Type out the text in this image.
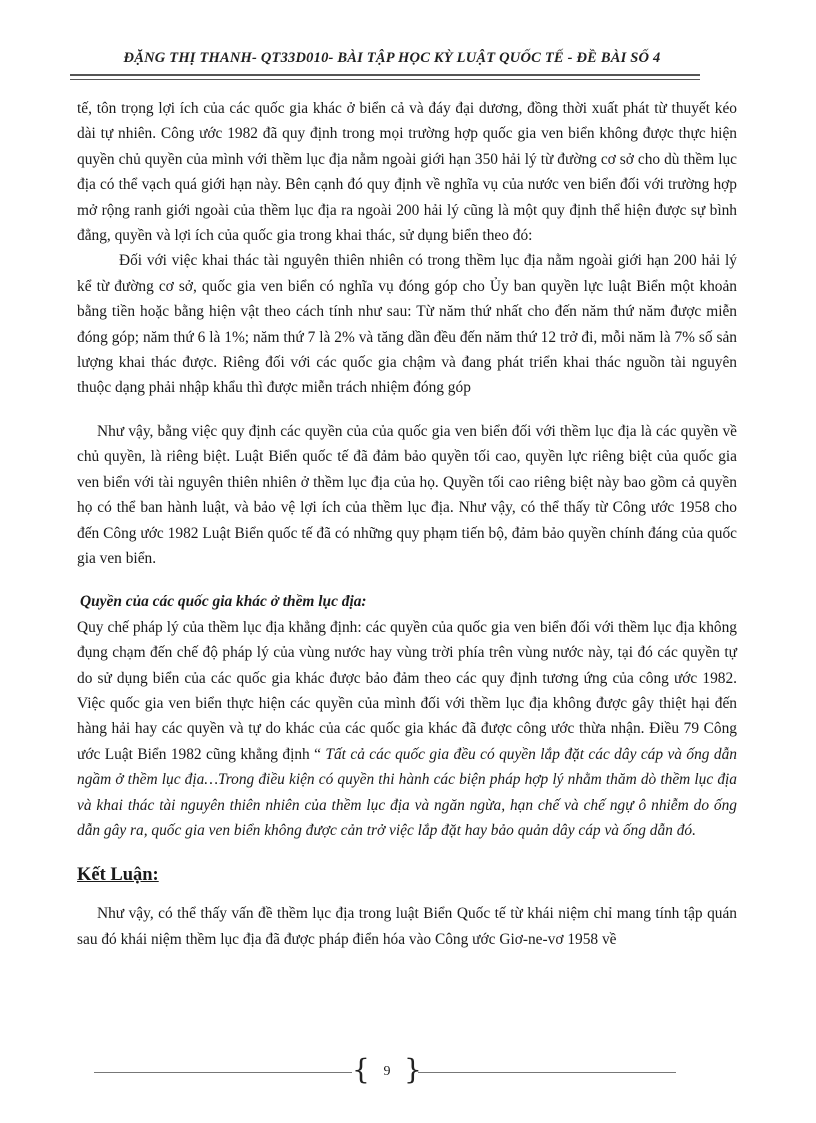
ĐẶNG THỊ THANH- QT33D010- BÀI TẬP HỌC KỲ LUẬT QUỐC TẾ - ĐỀ BÀI SỐ 4

tế, tôn trọng lợi ích của các quốc gia khác ở biển cả và đáy đại dương, đồng thời xuất phát từ thuyết kéo dài tự nhiên. Công ước 1982 đã quy định trong mọi trường hợp quốc gia ven biển không được thực hiện quyền chủ quyền của mình với thềm lục địa nằm ngoài giới hạn 350 hải lý từ đường cơ sở cho dù thềm lục địa có thể vạch quá giới hạn này. Bên cạnh đó quy định về nghĩa vụ của nước ven biển đối với trường hợp mở rộng ranh giới ngoài của thềm lục địa ra ngoài 200 hải lý cũng là một quy định thể hiện được sự bình đẳng, quyền và lợi ích của quốc gia trong khai thác, sử dụng biển theo đó:

Đối với việc khai thác tài nguyên thiên nhiên có trong thềm lục địa nằm ngoài giới hạn 200 hải lý kể từ đường cơ sở, quốc gia ven biển có nghĩa vụ đóng góp cho Ủy ban quyền lực luật Biển một khoản bằng tiền hoặc bằng hiện vật theo cách tính như sau: Từ năm thứ nhất cho đến năm thứ năm được miễn đóng góp; năm thứ 6 là 1%; năm thứ 7 là 2% và tăng dần đều đến năm thứ 12 trở đi, mỗi năm là 7% số sản lượng khai thác được. Riêng đối với các quốc gia chậm và đang phát triển khai thác nguồn tài nguyên thuộc dạng phải nhập khẩu thì được miễn trách nhiệm đóng góp

Như vậy, bằng việc quy định các quyền của của quốc gia ven biển đối với thềm lục địa là các quyền về chủ quyền, là riêng biệt. Luật Biển quốc tế đã đảm bảo quyền tối cao, quyền lực riêng biệt của quốc gia ven biển với tài nguyên thiên nhiên ở thềm lục địa của họ. Quyền tối cao riêng biệt này bao gồm cả quyền họ có thể ban hành luật, và bảo vệ lợi ích của thềm lục địa. Như vậy, có thể thấy từ Công ước 1958 cho đến Công ước 1982 Luật Biển quốc tế đã có những quy phạm tiến bộ, đảm bảo quyền chính đáng của quốc gia ven biển.

Quyền của các quốc gia khác ở thềm lục địa:

Quy chế pháp lý của thềm lục địa khẳng định: các quyền của quốc gia ven biển đối với thềm lục địa không đụng chạm đến chế độ pháp lý của vùng nước hay vùng trời phía trên vùng nước này, tại đó các quyền tự do sử dụng biển của các quốc gia khác được bảo đảm theo các quy định tương ứng của công ước 1982. Việc quốc gia ven biển thực hiện các quyền của mình đối với thềm lục địa không được gây thiệt hại đến hàng hải hay các quyền và tự do khác của các quốc gia khác đã được công ước thừa nhận. Điều 79 Công ước Luật Biển 1982 cũng khẳng định “ Tất cả các quốc gia đều có quyền lắp đặt các dây cáp và ống dẫn ngầm ở thềm lục địa…Trong điều kiện có quyền thi hành các biện pháp hợp lý nhằm thăm dò thềm lục địa và khai thác tài nguyên thiên nhiên của thềm lục địa và ngăn ngừa, hạn chế và chế ngự ô nhiễm do ống dẫn gây ra, quốc gia ven biển không được cản trở việc lắp đặt hay bảo quản dây cáp và ống dẫn đó.

Kết Luận:

Như vậy, có thể thấy vấn đề thềm lục địa trong luật Biển Quốc tế từ khái niệm chỉ mang tính tập quán sau đó khái niệm thềm lục địa đã được pháp điển hóa vào Công ước Giơ-ne-vơ 1958 về

{ 9 }
